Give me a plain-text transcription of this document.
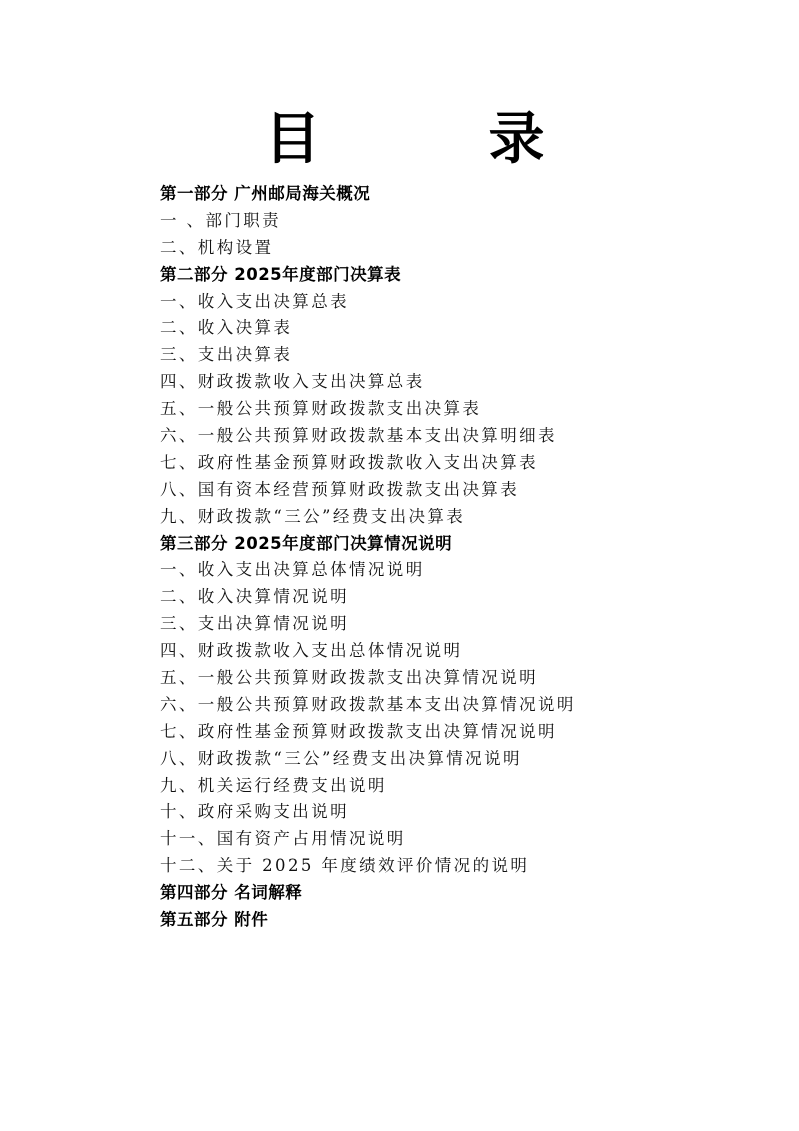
目　录
第一部分 广州邮局海关概况
一 、部门职责
二、机构设置
第二部分 2025年度部门决算表
一、收入支出决算总表
二、收入决算表
三、支出决算表
四、财政拨款收入支出决算总表
五、一般公共预算财政拨款支出决算表
六、一般公共预算财政拨款基本支出决算明细表
七、政府性基金预算财政拨款收入支出决算表
八、国有资本经营预算财政拨款支出决算表
九、财政拨款“三公”经费支出决算表
第三部分 2025年度部门决算情况说明
一、收入支出决算总体情况说明
二、收入决算情况说明
三、支出决算情况说明
四、财政拨款收入支出总体情况说明
五、一般公共预算财政拨款支出决算情况说明
六、一般公共预算财政拨款基本支出决算情况说明
七、政府性基金预算财政拨款支出决算情况说明
八、财政拨款“三公”经费支出决算情况说明
九、机关运行经费支出说明
十、政府采购支出说明
十一、国有资产占用情况说明
十二、关于 2025 年度绩效评价情况的说明
第四部分 名词解释
第五部分 附件
